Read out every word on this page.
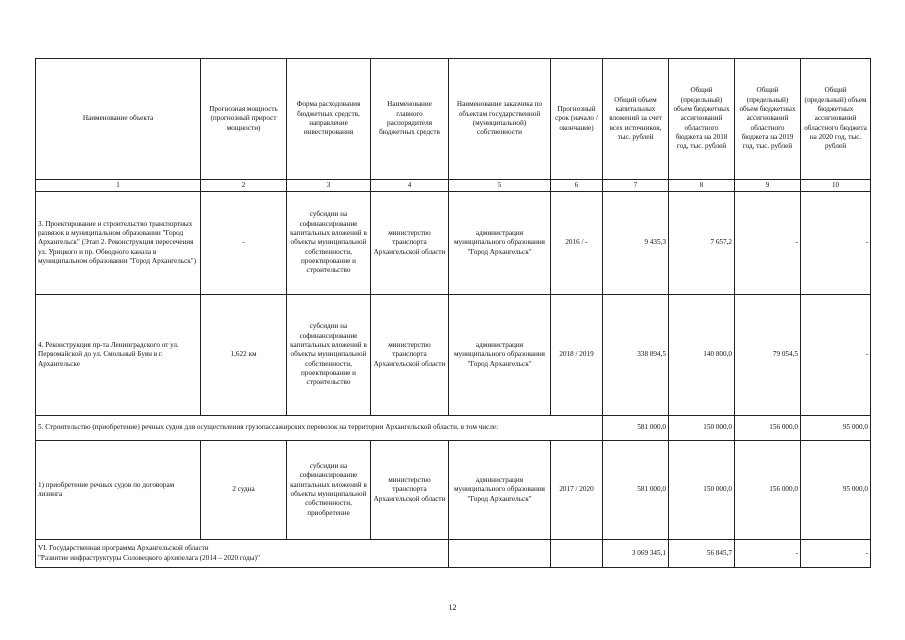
Наименование объекта	Прогнозная мощность (прогнозный прирост мощности)	Форма расходования бюджетных средств, направление инвестирования	Наименование главного распорядителя бюджетных средств	Наименование заказчика по объектам государственной (муниципальной) собственности	Прогнозный срок (начало / окончание)	Общий объем капитальных вложений за счет всех источников, тыс. рублей	Общий (предельный) объем бюджетных ассигнований областного бюджета на 2018 год, тыс. рублей	Общий (предельный) объем бюджетных ассигнований областного бюджета на 2019 год, тыс. рублей	Общий (предельный) объем бюджетных ассигнований областного бюджета на 2020 год, тыс. рублей
1	2	3	4	5	6	7	8	9	10
3. Проектирование и строительство транспортных развязок в муниципальном образовании "Город Архангельск" (Этап 2. Реконструкция пересечения ул. Урицкого и пр. Обводного канала в муниципальном образовании "Город Архангельск")	-	субсидии на софинансирование капитальных вложений в объекты муниципальной собственности, проектирование и строительство	министерство транспорта Архангельской области	администрация муниципального образования "Город Архангельск"	2016 / -	9 435,3	7 657,2	-	-
4. Реконструкция пр-та Ленинградского от ул. Первомайской до ул. Смольный Буян в г. Архангельске	1,622 км	субсидии на софинансирование капитальных вложений в объекты муниципальной собственности, проектирование и строительство	министерство транспорта Архангельской области	администрация муниципального образования "Город Архангельск"	2018 / 2019	338 894,5	140 800,0	79 054,5	-
5. Строительство (приобретение) речных судов для осуществления грузопассажирских перевозок на территории Архангельской области, в том числе:						581 000,0	150 000,0	156 000,0	95 000,0
1) приобретение речных судов по договорам лизинга	2 судна	субсидии на софинансирование капитальных вложений в объекты муниципальной собственности, приобретение	министерство транспорта Архангельской области	администрация муниципального образования "Город Архангельск"	2017 / 2020	581 000,0	150 000,0	156 000,0	95 000,0
VI. Государственная программа Архангельской области
"Развитие инфраструктуры Соловецкого архипелага (2014 – 2020 годы)"						3 069 345,1	56 845,7	-	-
12
